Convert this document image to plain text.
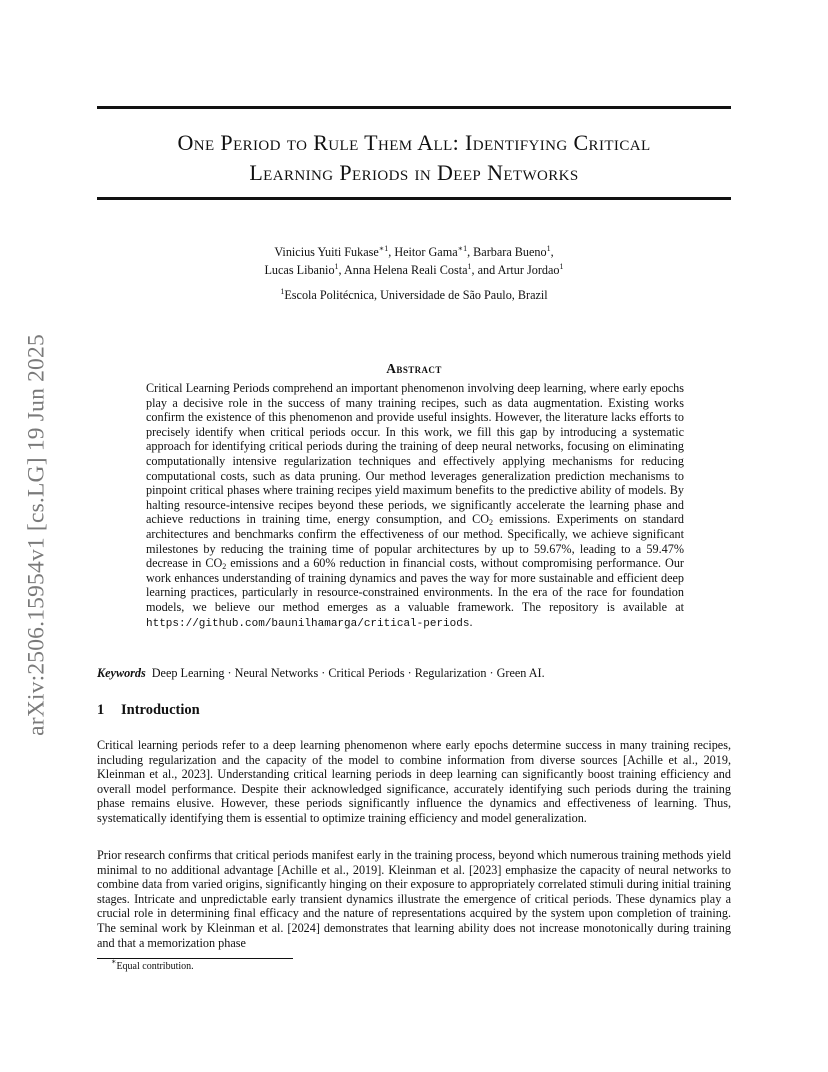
arXiv:2506.15954v1 [cs.LG] 19 Jun 2025
One Period to Rule Them All: Identifying Critical
Learning Periods in Deep Networks
Vinicius Yuiti Fukase$^{∗1}$, Heitor Gama$^{∗1}$, Barbara Bueno$^1$,
Lucas Libanio$^1$, Anna Helena Reali Costa$^1$, and Artur Jordao$^1$
$^1$Escola Politécnica, Universidade de São Paulo, Brazil
Abstract

Critical Learning Periods comprehend an important phenomenon involving deep learning, where early epochs play a decisive role in the success of many training recipes, such as data augmentation. Existing works confirm the existence of this phenomenon and provide useful insights. However, the literature lacks efforts to precisely identify when critical periods occur. In this work, we fill this gap by introducing a systematic approach for identifying critical periods during the training of deep neural networks, focusing on eliminating computationally intensive regularization techniques and effectively applying mechanisms for reducing computational costs, such as data pruning. Our method leverages generalization prediction mechanisms to pinpoint critical phases where training recipes yield maximum benefits to the predictive ability of models. By halting resource-intensive recipes beyond these periods, we significantly accelerate the learning phase and achieve reductions in training time, energy consumption, and $CO_2$ emissions. Experiments on standard architectures and benchmarks confirm the effectiveness of our method. Specifically, we achieve significant milestones by reducing the training time of popular architectures by up to 59.67%, leading to a 59.47% decrease in $CO_2$ emissions and a 60% reduction in financial costs, without compromising performance. Our work enhances understanding of training dynamics and paves the way for more sustainable and efficient deep learning practices, particularly in resource-constrained environments. In the era of the race for foundation models, we believe our method emerges as a valuable framework. The repository is available at https://github.com/baunilhamarga/critical-periods.

Keywords Deep Learning · Neural Networks · Critical Periods · Regularization · Green AI.
1 Introduction

Critical learning periods refer to a deep learning phenomenon where early epochs determine success in many training recipes, including regularization and the capacity of the model to combine information from diverse sources [Achille et al., 2019, Kleinman et al., 2023]. Understanding critical learning periods in deep learning can significantly boost training efficiency and overall model performance. Despite their acknowledged significance, accurately identifying such periods during the training phase remains elusive. However, these periods significantly influence the dynamics and effectiveness of learning. Thus, systematically identifying them is essential to optimize training efficiency and model generalization.

Prior research confirms that critical periods manifest early in the training process, beyond which numerous training methods yield minimal to no additional advantage [Achille et al., 2019]. Kleinman et al. [2023] emphasize the capacity of neural networks to combine data from varied origins, significantly hinging on their exposure to appropriately correlated stimuli during initial training stages. Intricate and unpredictable early transient dynamics illustrate the emergence of critical periods. These dynamics play a crucial role in determining final efficacy and the nature of representations acquired by the system upon completion of training. The seminal work by Kleinman et al. [2024] demonstrates that learning ability does not increase monotonically during training and that a memorization phase

∗Equal contribution.
